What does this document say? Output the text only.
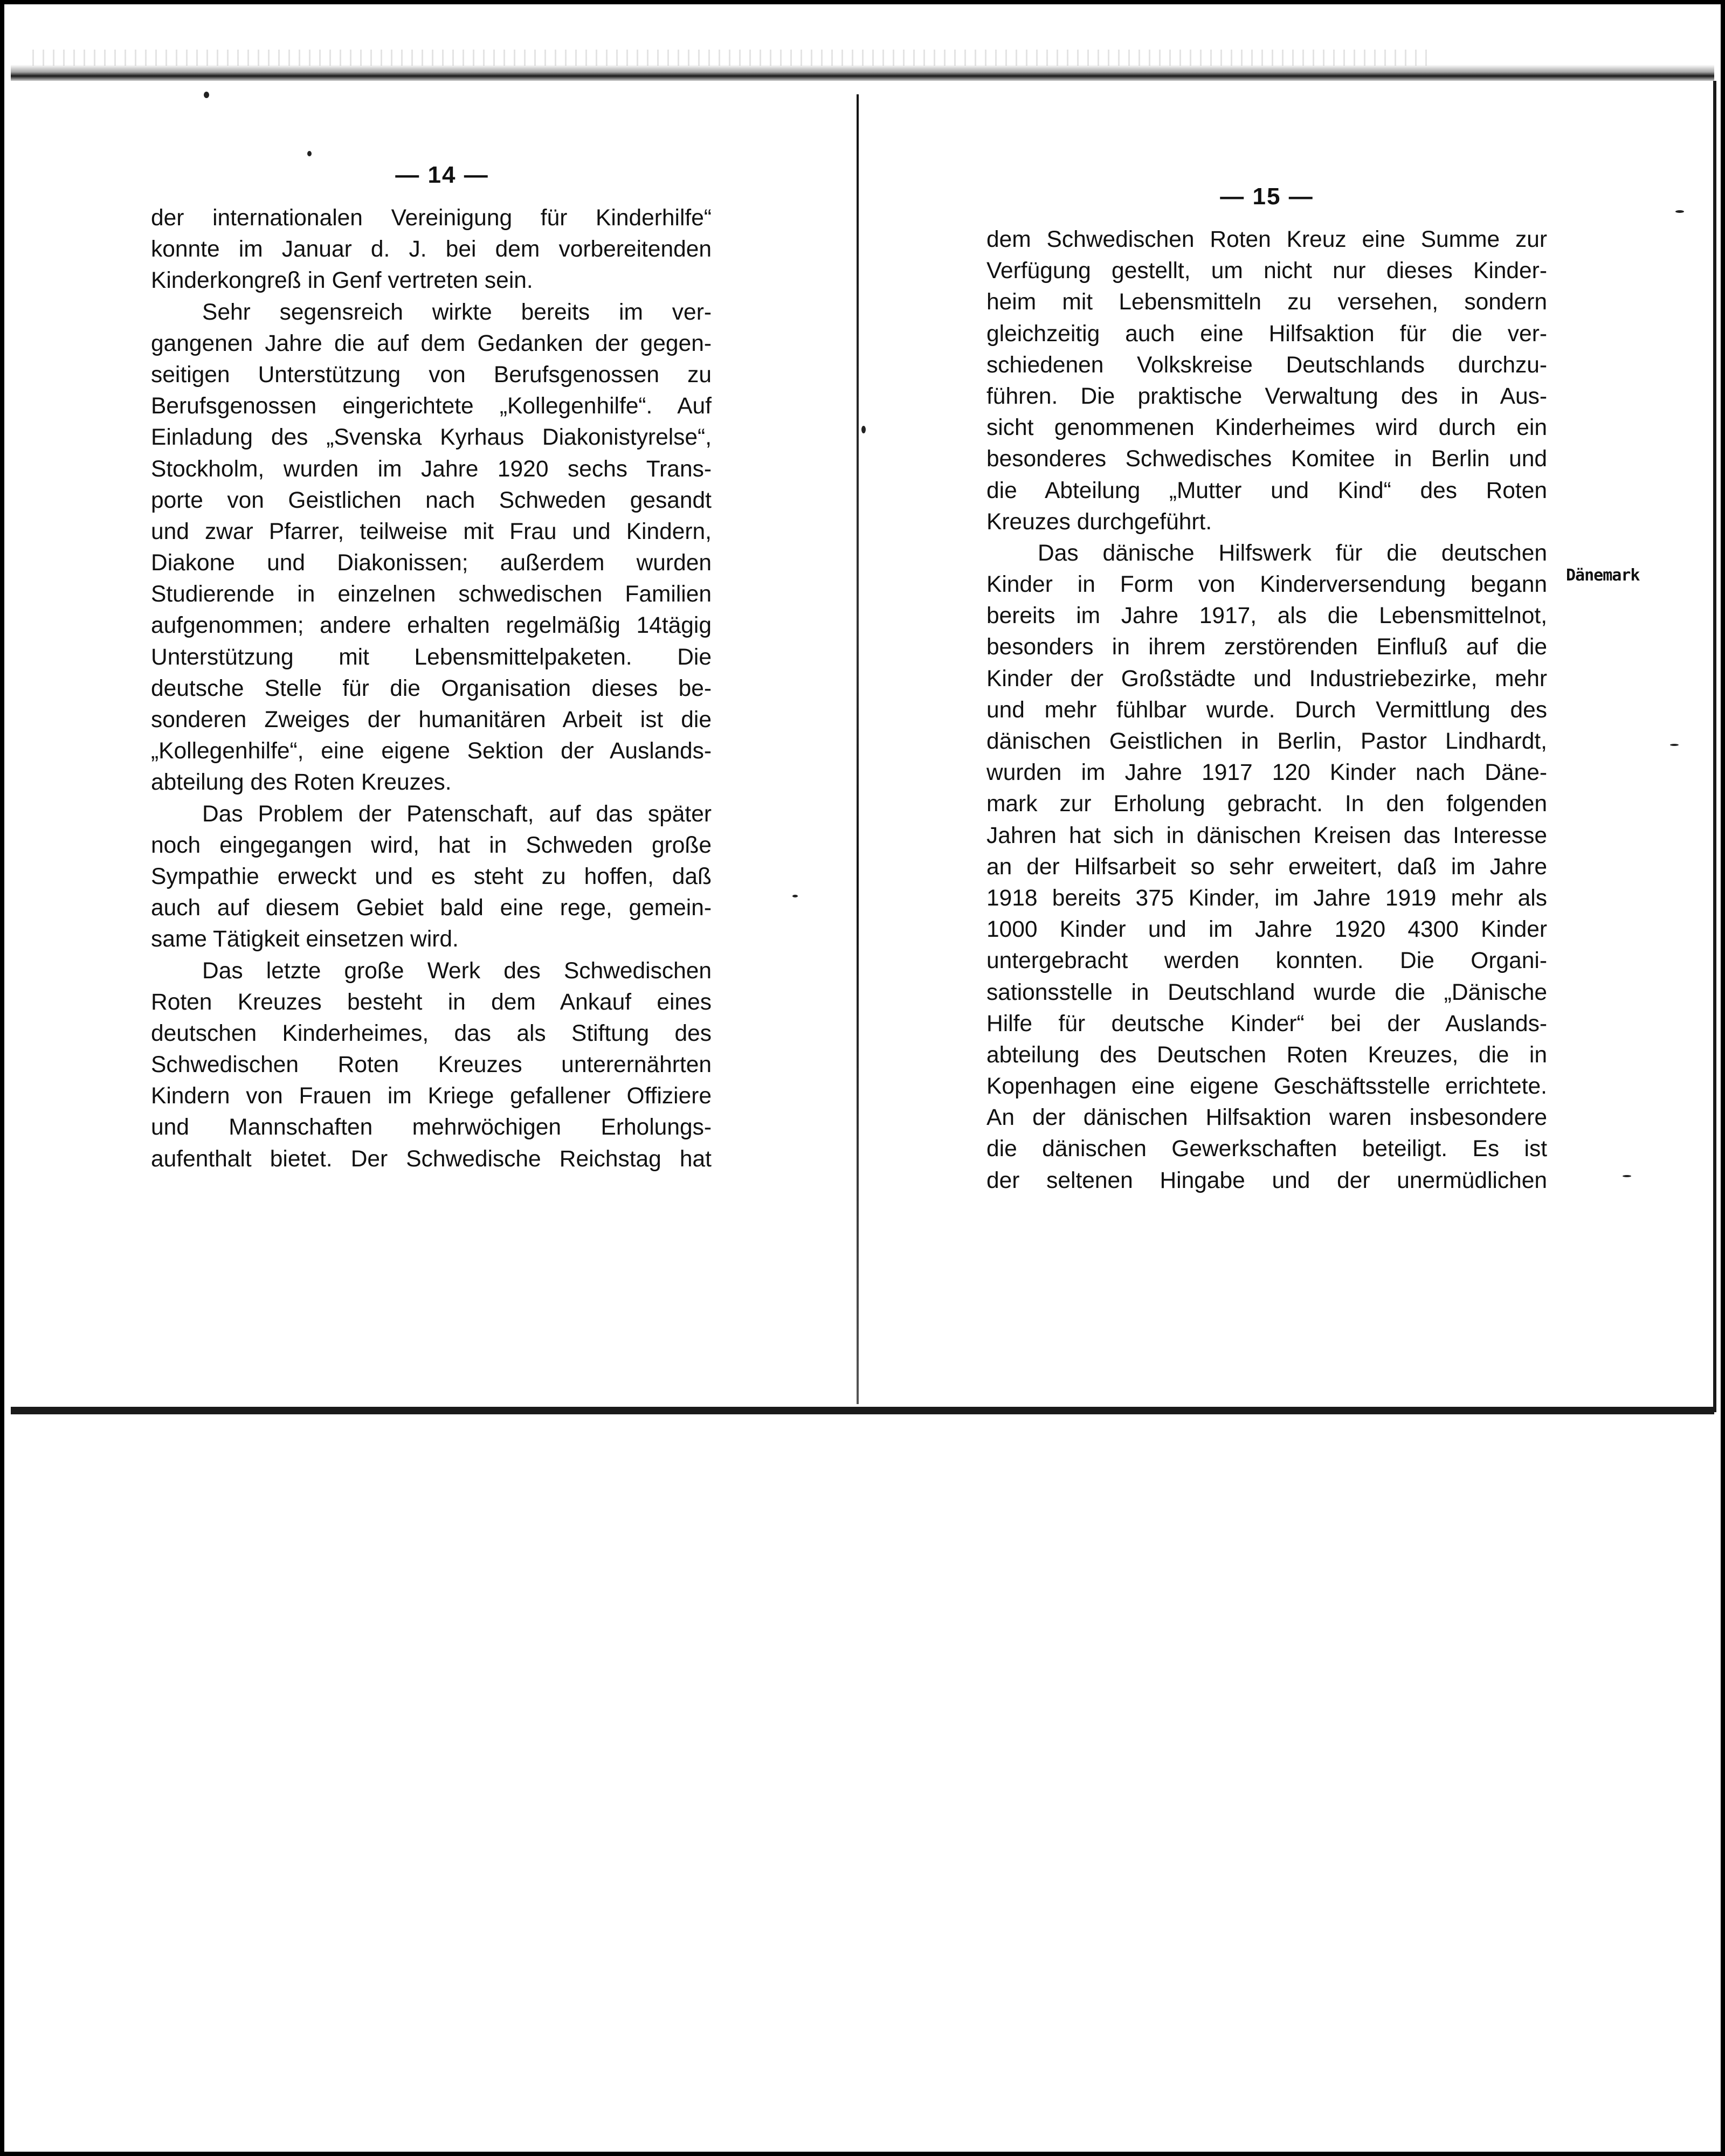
— 14 —
der internationalen Vereinigung für Kinderhilfe“
konnte im Januar d. J. bei dem vorbereitenden
Kinderkongreß in Genf vertreten sein.
Sehr segensreich wirkte bereits im ver-
gangenen Jahre die auf dem Gedanken der gegen-
seitigen Unterstützung von Berufsgenossen zu
Berufsgenossen eingerichtete „Kollegenhilfe“. Auf
Einladung des „Svenska Kyrhaus Diakonistyrelse“,
Stockholm, wurden im Jahre 1920 sechs Trans-
porte von Geistlichen nach Schweden gesandt
und zwar Pfarrer, teilweise mit Frau und Kindern,
Diakone und Diakonissen; außerdem wurden
Studierende in einzelnen schwedischen Familien
aufgenommen; andere erhalten regelmäßig 14tägig
Unterstützung mit Lebensmittelpaketen. Die
deutsche Stelle für die Organisation dieses be-
sonderen Zweiges der humanitären Arbeit ist die
„Kollegenhilfe“, eine eigene Sektion der Auslands-
abteilung des Roten Kreuzes.
Das Problem der Patenschaft, auf das später
noch eingegangen wird, hat in Schweden große
Sympathie erweckt und es steht zu hoffen, daß
auch auf diesem Gebiet bald eine rege, gemein-
same Tätigkeit einsetzen wird.
Das letzte große Werk des Schwedischen
Roten Kreuzes besteht in dem Ankauf eines
deutschen Kinderheimes, das als Stiftung des
Schwedischen Roten Kreuzes unterernährten
Kindern von Frauen im Kriege gefallener Offiziere
und Mannschaften mehrwöchigen Erholungs-
aufenthalt bietet. Der Schwedische Reichstag hat
— 15 —
dem Schwedischen Roten Kreuz eine Summe zur
Verfügung gestellt, um nicht nur dieses Kinder-
heim mit Lebensmitteln zu versehen, sondern
gleichzeitig auch eine Hilfsaktion für die ver-
schiedenen Volkskreise Deutschlands durchzu-
führen. Die praktische Verwaltung des in Aus-
sicht genommenen Kinderheimes wird durch ein
besonderes Schwedisches Komitee in Berlin und
die Abteilung „Mutter und Kind“ des Roten
Kreuzes durchgeführt.
Das dänische Hilfswerk für die deutschen
Kinder in Form von Kinderversendung begann
bereits im Jahre 1917, als die Lebensmittelnot,
besonders in ihrem zerstörenden Einfluß auf die
Kinder der Großstädte und Industriebezirke, mehr
und mehr fühlbar wurde. Durch Vermittlung des
dänischen Geistlichen in Berlin, Pastor Lindhardt,
wurden im Jahre 1917 120 Kinder nach Däne-
mark zur Erholung gebracht. In den folgenden
Jahren hat sich in dänischen Kreisen das Interesse
an der Hilfsarbeit so sehr erweitert, daß im Jahre
1918 bereits 375 Kinder, im Jahre 1919 mehr als
1000 Kinder und im Jahre 1920 4300 Kinder
untergebracht werden konnten. Die Organi-
sationsstelle in Deutschland wurde die „Dänische
Hilfe für deutsche Kinder“ bei der Auslands-
abteilung des Deutschen Roten Kreuzes, die in
Kopenhagen eine eigene Geschäftsstelle errichtete.
An der dänischen Hilfsaktion waren insbesondere
die dänischen Gewerkschaften beteiligt. Es ist
der seltenen Hingabe und der unermüdlichen
Dänemark
